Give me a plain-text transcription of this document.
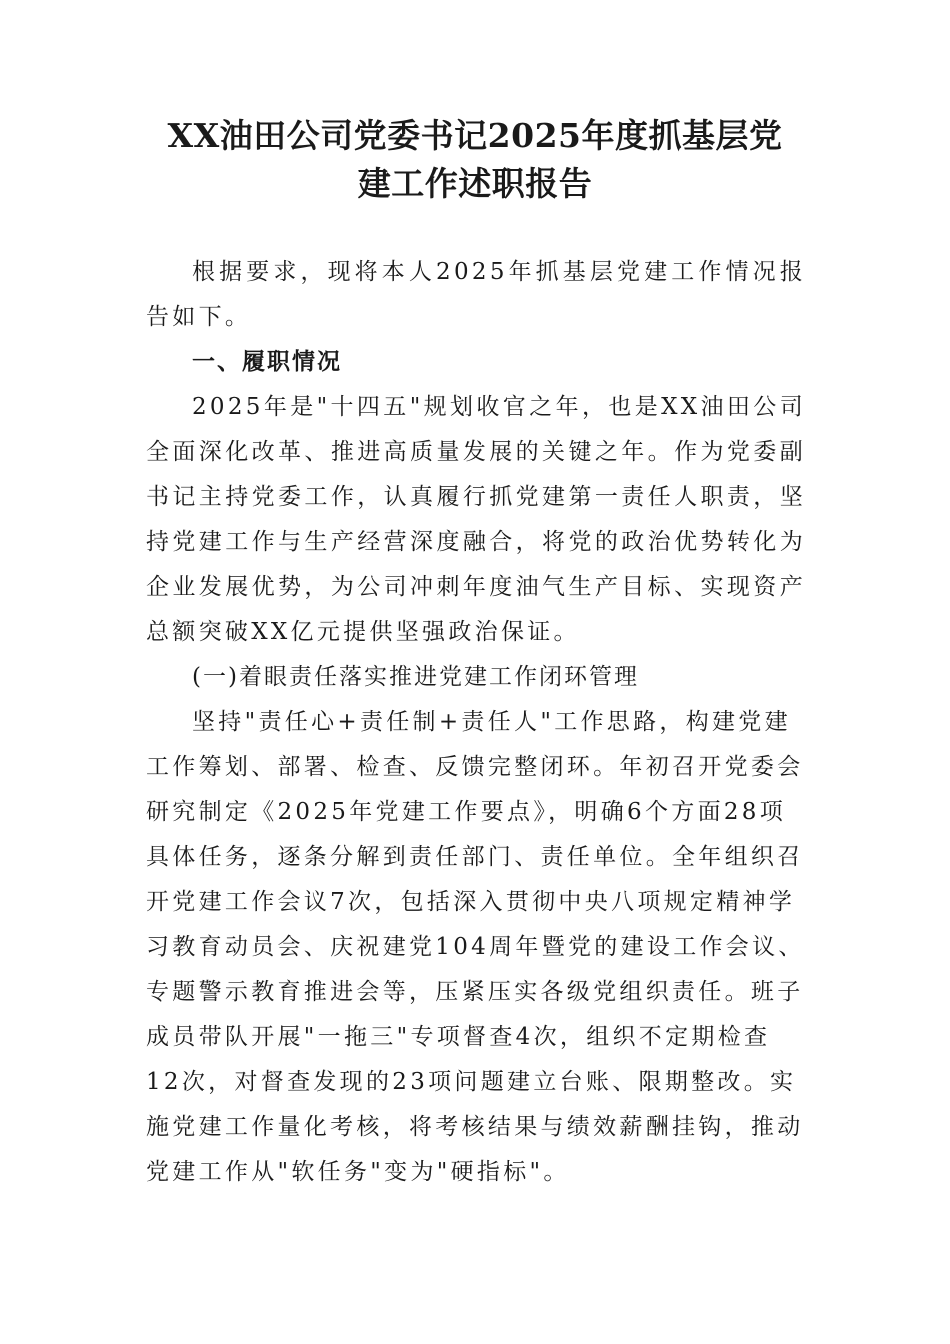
XX油田公司党委书记2025年度抓基层党
建工作述职报告

根据要求，现将本人2025年抓基层党建工作情况报告如下。

一、履职情况

2025年是"十四五"规划收官之年，也是XX油田公司全面深化改革、推进高质量发展的关键之年。作为党委副书记主持党委工作，认真履行抓党建第一责任人职责，坚持党建工作与生产经营深度融合，将党的政治优势转化为企业发展优势，为公司冲刺年度油气生产目标、实现资产总额突破XX亿元提供坚强政治保证。

(一)着眼责任落实推进党建工作闭环管理

坚持"责任心+责任制+责任人"工作思路，构建党建工作筹划、部署、检查、反馈完整闭环。年初召开党委会研究制定《2025年党建工作要点》，明确6个方面28项具体任务，逐条分解到责任部门、责任单位。全年组织召开党建工作会议7次，包括深入贯彻中央八项规定精神学习教育动员会、庆祝建党104周年暨党的建设工作会议、专题警示教育推进会等，压紧压实各级党组织责任。班子成员带队开展"一拖三"专项督查4次，组织不定期检查12次，对督查发现的23项问题建立台账、限期整改。实施党建工作量化考核，将考核结果与绩效薪酬挂钩，推动党建工作从"软任务"变为"硬指标"。
